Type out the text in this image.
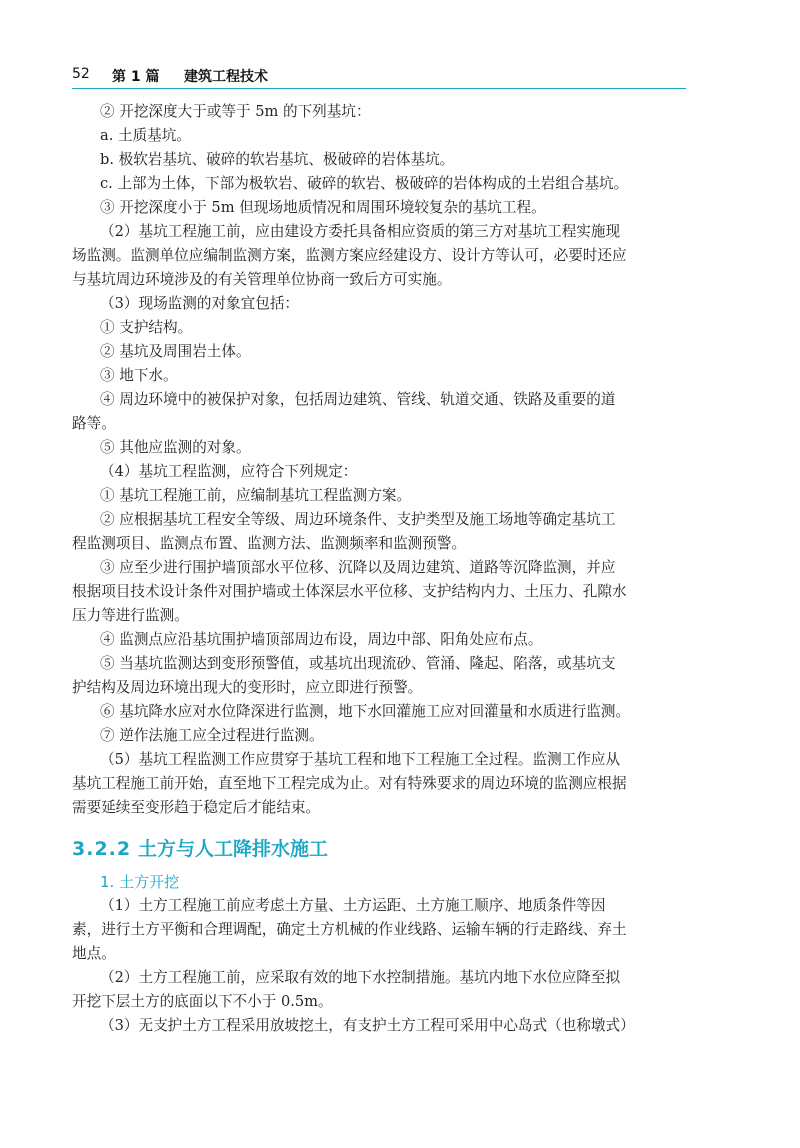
52 第 1 篇 建筑工程技术
② 开挖深度大于或等于 5m 的下列基坑：
a. 土质基坑。
b. 极软岩基坑、破碎的软岩基坑、极破碎的岩体基坑。
c. 上部为土体，下部为极软岩、破碎的软岩、极破碎的岩体构成的土岩组合基坑。
③ 开挖深度小于 5m 但现场地质情况和周围环境较复杂的基坑工程。
（2）基坑工程施工前，应由建设方委托具备相应资质的第三方对基坑工程实施现
场监测。监测单位应编制监测方案，监测方案应经建设方、设计方等认可，必要时还应
与基坑周边环境涉及的有关管理单位协商一致后方可实施。
（3）现场监测的对象宜包括：
① 支护结构。
② 基坑及周围岩土体。
③ 地下水。
④ 周边环境中的被保护对象，包括周边建筑、管线、轨道交通、铁路及重要的道
路等。
⑤ 其他应监测的对象。
（4）基坑工程监测，应符合下列规定：
① 基坑工程施工前，应编制基坑工程监测方案。
② 应根据基坑工程安全等级、周边环境条件、支护类型及施工场地等确定基坑工
程监测项目、监测点布置、监测方法、监测频率和监测预警。
③ 应至少进行围护墙顶部水平位移、沉降以及周边建筑、道路等沉降监测，并应
根据项目技术设计条件对围护墙或土体深层水平位移、支护结构内力、土压力、孔隙水
压力等进行监测。
④ 监测点应沿基坑围护墙顶部周边布设，周边中部、阳角处应布点。
⑤ 当基坑监测达到变形预警值，或基坑出现流砂、管涌、隆起、陷落，或基坑支
护结构及周边环境出现大的变形时，应立即进行预警。
⑥ 基坑降水应对水位降深进行监测，地下水回灌施工应对回灌量和水质进行监测。
⑦ 逆作法施工应全过程进行监测。
（5）基坑工程监测工作应贯穿于基坑工程和地下工程施工全过程。监测工作应从
基坑工程施工前开始，直至地下工程完成为止。对有特殊要求的周边环境的监测应根据
需要延续至变形趋于稳定后才能结束。
3.2.2 土方与人工降排水施工
1. 土方开挖
（1）土方工程施工前应考虑土方量、土方运距、土方施工顺序、地质条件等因
素，进行土方平衡和合理调配，确定土方机械的作业线路、运输车辆的行走路线、弃土
地点。
（2）土方工程施工前，应采取有效的地下水控制措施。基坑内地下水位应降至拟
开挖下层土方的底面以下不小于 0.5m。
（3）无支护土方工程采用放坡挖土，有支护土方工程可采用中心岛式（也称墩式）
